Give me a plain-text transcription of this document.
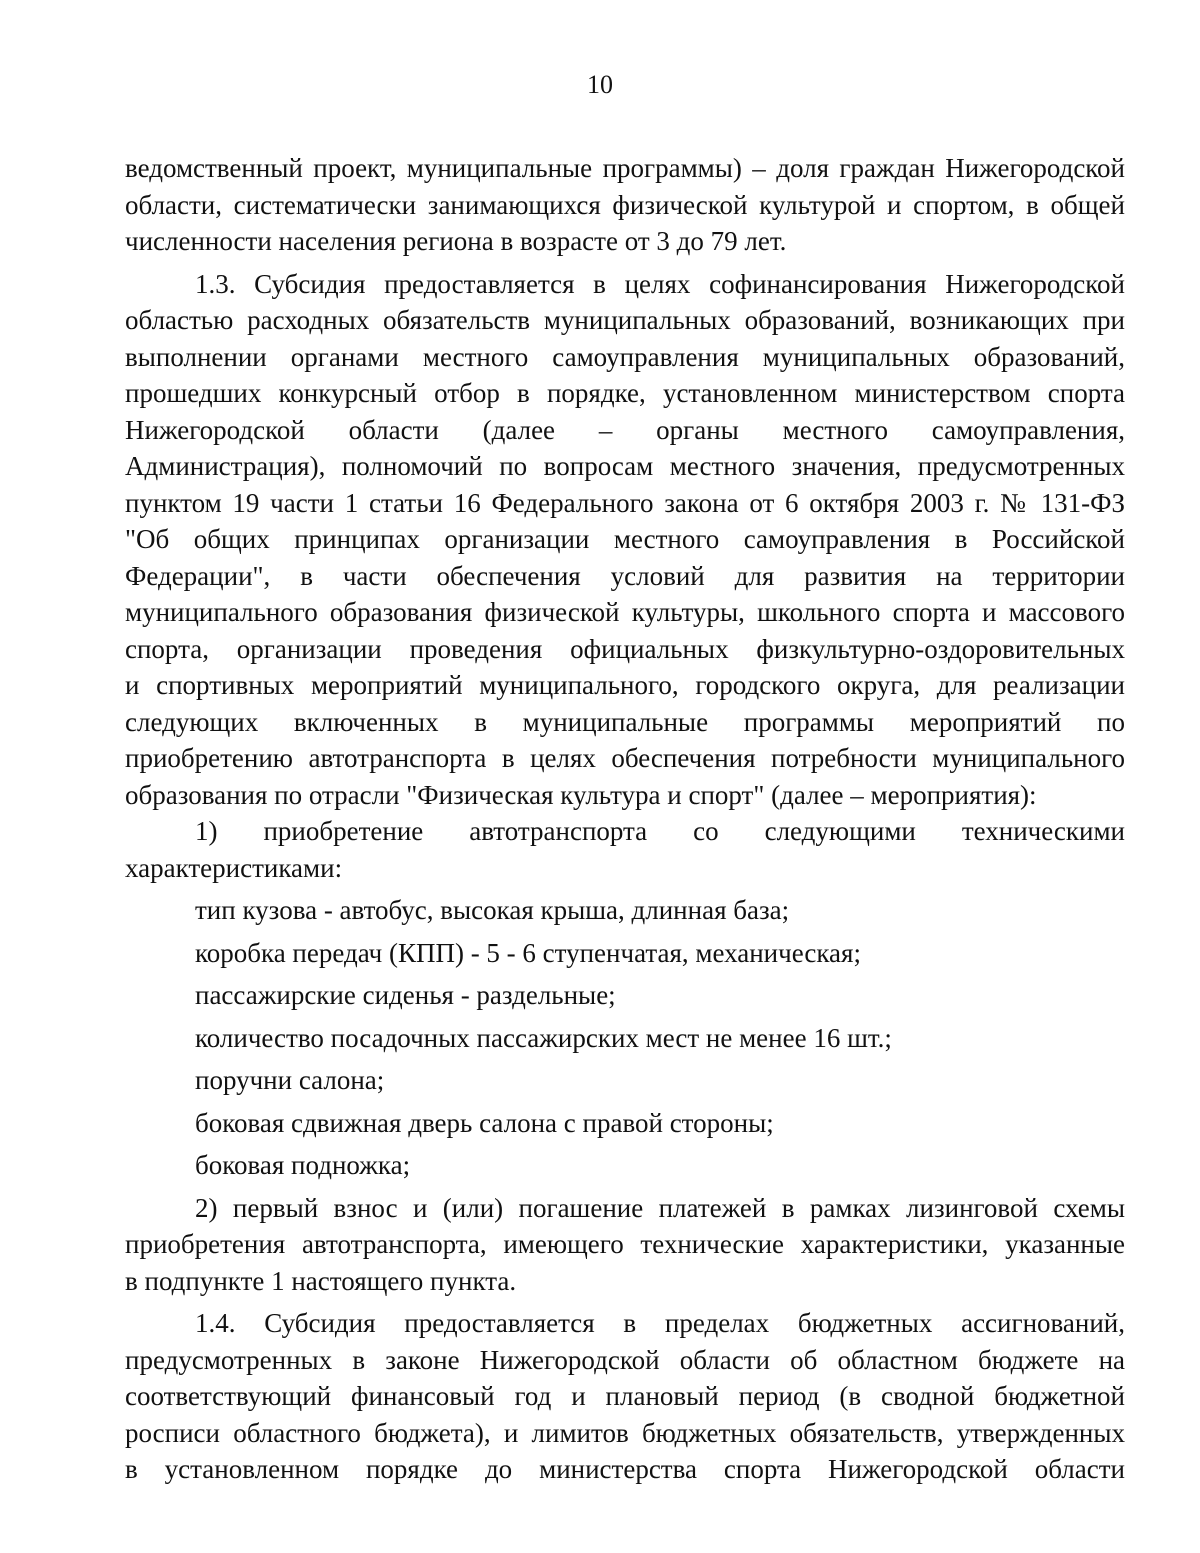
10
ведомственный проект, муниципальные программы) – доля граждан Нижегородской
области, систематически занимающихся физической культурой и спортом, в общей
численности населения региона в возрасте от 3 до 79 лет.
1.3. Субсидия предоставляется в целях софинансирования Нижегородской
областью расходных обязательств муниципальных образований, возникающих при
выполнении органами местного самоуправления муниципальных образований,
прошедших конкурсный отбор в порядке, установленном министерством спорта
Нижегородской области (далее – органы местного самоуправления,
Администрация), полномочий по вопросам местного значения, предусмотренных
пунктом 19 части 1 статьи 16 Федерального закона от 6 октября 2003 г. № 131-ФЗ
"Об общих принципах организации местного самоуправления в Российской
Федерации", в части обеспечения условий для развития на территории
муниципального образования физической культуры, школьного спорта и массового
спорта, организации проведения официальных физкультурно-оздоровительных
и спортивных мероприятий муниципального, городского округа, для реализации
следующих включенных в муниципальные программы мероприятий по
приобретению автотранспорта в целях обеспечения потребности муниципального
образования по отрасли "Физическая культура и спорт" (далее – мероприятия):
1) приобретение автотранспорта со следующими техническими
характеристиками:
тип кузова - автобус, высокая крыша, длинная база;
коробка передач (КПП) - 5 - 6 ступенчатая, механическая;
пассажирские сиденья - раздельные;
количество посадочных пассажирских мест не менее 16 шт.;
поручни салона;
боковая сдвижная дверь салона с правой стороны;
боковая подножка;
2) первый взнос и (или) погашение платежей в рамках лизинговой схемы
приобретения автотранспорта, имеющего технические характеристики, указанные
в подпункте 1 настоящего пункта.
1.4. Субсидия предоставляется в пределах бюджетных ассигнований,
предусмотренных в законе Нижегородской области об областном бюджете на
соответствующий финансовый год и плановый период (в сводной бюджетной
росписи областного бюджета), и лимитов бюджетных обязательств, утвержденных
в установленном порядке до министерства спорта Нижегородской области
